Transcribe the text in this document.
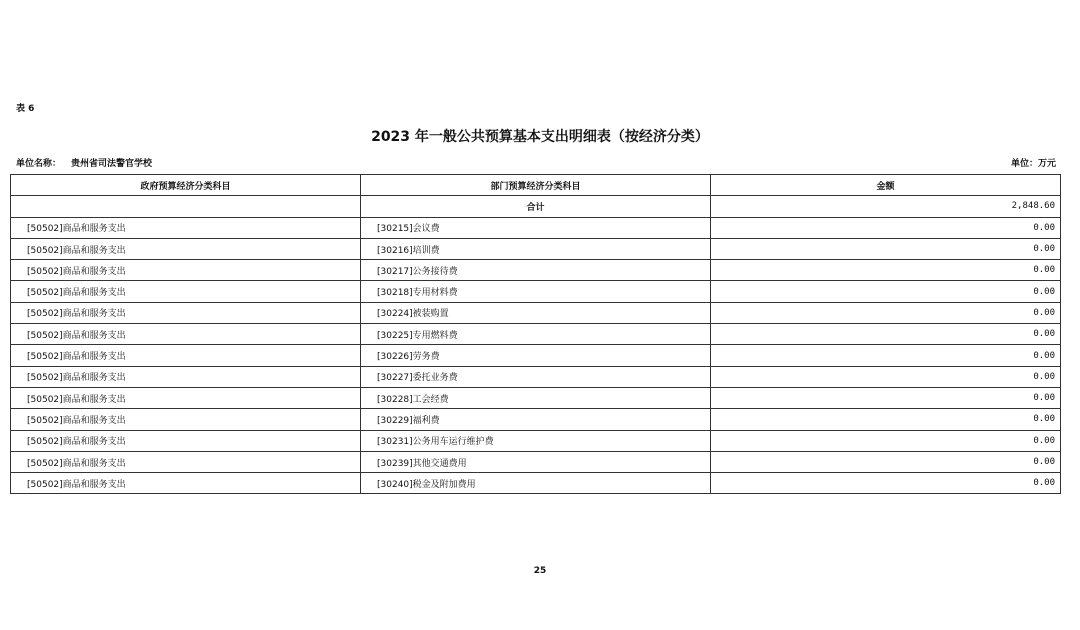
表 6
2023 年一般公共预算基本支出明细表（按经济分类）
单位名称： 贵州省司法警官学校	单位：万元
政府预算经济分类科目	部门预算经济分类科目	金额
	合计	2,848.60
[50502]商品和服务支出	[30215]会议费	0.00
[50502]商品和服务支出	[30216]培训费	0.00
[50502]商品和服务支出	[30217]公务接待费	0.00
[50502]商品和服务支出	[30218]专用材料费	0.00
[50502]商品和服务支出	[30224]被装购置	0.00
[50502]商品和服务支出	[30225]专用燃料费	0.00
[50502]商品和服务支出	[30226]劳务费	0.00
[50502]商品和服务支出	[30227]委托业务费	0.00
[50502]商品和服务支出	[30228]工会经费	0.00
[50502]商品和服务支出	[30229]福利费	0.00
[50502]商品和服务支出	[30231]公务用车运行维护费	0.00
[50502]商品和服务支出	[30239]其他交通费用	0.00
[50502]商品和服务支出	[30240]税金及附加费用	0.00
25
